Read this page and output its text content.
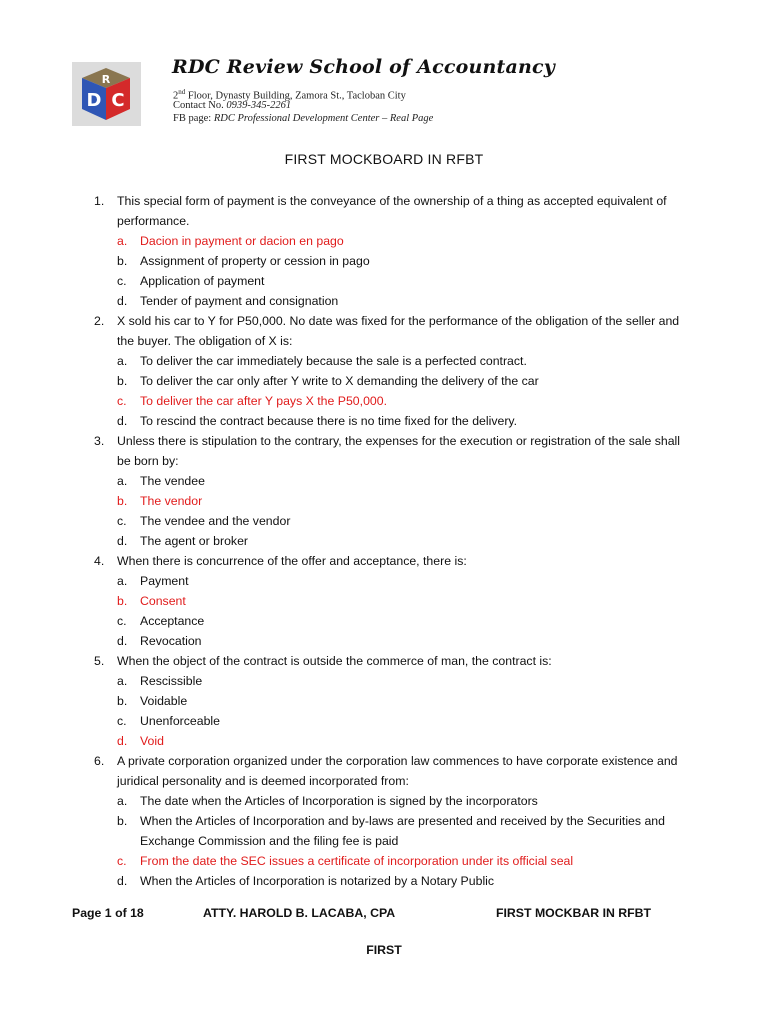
R
D C
RDC Review School of Accountancy
2nd Floor, Dynasty Building, Zamora St., Tacloban City
Contact No. 0939-345-2261
FB page: RDC Professional Development Center – Real Page
FIRST MOCKBOARD IN RFBT
1. This special form of payment is the conveyance of the ownership of a thing as accepted equivalent of performance.
a. Dacion in payment or dacion en pago
b. Assignment of property or cession in pago
c. Application of payment
d. Tender of payment and consignation
2. X sold his car to Y for P50,000. No date was fixed for the performance of the obligation of the seller and the buyer. The obligation of X is:
a. To deliver the car immediately because the sale is a perfected contract.
b. To deliver the car only after Y write to X demanding the delivery of the car
c. To deliver the car after Y pays X the P50,000.
d. To rescind the contract because there is no time fixed for the delivery.
3. Unless there is stipulation to the contrary, the expenses for the execution or registration of the sale shall be born by:
a. The vendee
b. The vendor
c. The vendee and the vendor
d. The agent or broker
4. When there is concurrence of the offer and acceptance, there is:
a. Payment
b. Consent
c. Acceptance
d. Revocation
5. When the object of the contract is outside the commerce of man, the contract is:
a. Rescissible
b. Voidable
c. Unenforceable
d. Void
6. A private corporation organized under the corporation law commences to have corporate existence and juridical personality and is deemed incorporated from:
a. The date when the Articles of Incorporation is signed by the incorporators
b. When the Articles of Incorporation and by-laws are presented and received by the Securities and Exchange Commission and the filing fee is paid
c. From the date the SEC issues a certificate of incorporation under its official seal
d. When the Articles of Incorporation is notarized by a Notary Public
Page 1 of 18	ATTY. HAROLD B. LACABA, CPA	FIRST MOCKBAR IN RFBT
FIRST
